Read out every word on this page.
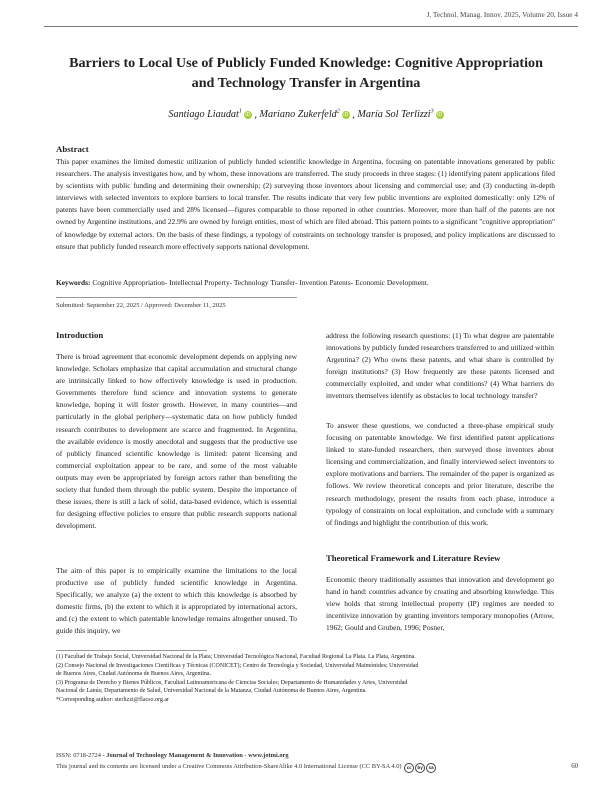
J. Technol. Manag. Innov. 2025, Volume 20, Issue 4
Barriers to Local Use of Publicly Funded Knowledge: Cognitive Appropriation
and Technology Transfer in Argentina
Santiago Liaudat$^1$iD , Mariano Zukerfeld$^2$iD , María Sol Terlizzi$^3$iD
Abstract
This paper examines the limited domestic utilization of publicly funded scientific knowledge in Argentina, focusing on patentable innovations generated by public researchers. The analysis investigates how, and by whom, these innovations are transferred. The study proceeds in three stages: (1) identifying patent applications filed by scientists with public funding and determining their ownership; (2) surveying those inventors about licensing and commercial use; and (3) conducting in-depth interviews with selected inventors to explore barriers to local transfer. The results indicate that very few public inventions are exploited domestically: only 12% of patents have been commercially used and 28% licensed—figures comparable to those reported in other countries. Moreover, more than half of the patents are not owned by Argentine institutions, and 22.9% are owned by foreign entities, most of which are filed abroad. This pattern points to a significant "cognitive appropriation" of knowledge by external actors. On the basis of these findings, a typology of constraints on technology transfer is proposed, and policy implications are discussed to ensure that publicly funded research more effectively supports national development.
Keywords: Cognitive Appropriation- Intellectual Property- Technology Transfer- Invention Patents- Economic Development.
Submitted: September 22, 2025 / Approved: December 11, 2025
Introduction
There is broad agreement that economic development depends on applying new knowledge. Scholars emphasize that capital accumulation and structural change are intrinsically linked to how effectively knowledge is used in production. Governments therefore fund science and innovation systems to generate knowledge, hoping it will foster growth. However, in many countries—and particularly in the global periphery—systematic data on how publicly funded research contributes to development are scarce and fragmented. In Argentina, the available evidence is mostly anecdotal and suggests that the productive use of publicly financed scientific knowledge is limited: patent licensing and commercial exploitation appear to be rare, and some of the most valuable outputs may even be appropriated by foreign actors rather than benefiting the society that funded them through the public system. Despite the importance of these issues, there is still a lack of solid, data-based evidence, which is essential for designing effective policies to ensure that public research supports national development.
The aim of this paper is to empirically examine the limitations to the local productive use of publicly funded scientific knowledge in Argentina. Specifically, we analyze (a) the extent to which this knowledge is absorbed by domestic firms, (b) the extent to which it is appropriated by international actors, and (c) the extent to which patentable knowledge remains altogether unused. To guide this inquiry, we
address the following research questions: (1) To what degree are patentable innovations by publicly funded researchers transferred to and utilized within Argentina? (2) Who owns these patents, and what share is controlled by foreign institutions? (3) How frequently are these patents licensed and commercially exploited, and under what conditions? (4) What barriers do inventors themselves identify as obstacles to local technology transfer?
To answer these questions, we conducted a three-phase empirical study focusing on patentable knowledge. We first identified patent applications linked to state-funded researchers, then surveyed those inventors about licensing and commercialization, and finally interviewed select inventors to explore motivations and barriers. The remainder of the paper is organized as follows. We review theoretical concepts and prior literature, describe the research methodology, present the results from each phase, introduce a typology of constraints on local exploitation, and conclude with a summary of findings and highlight the contribution of this work.
Theoretical Framework and Literature Review
Economic theory traditionally assumes that innovation and development go hand in hand: countries advance by creating and absorbing knowledge. This view holds that strong intellectual property (IP) regimes are needed to incentivize innovation by granting inventors temporary monopolies (Arrow, 1962; Gould and Gruben, 1996; Posner,
(1) Facultad de Trabajo Social, Universidad Nacional de la Plata; Universidad Tecnológica Nacional, Facultad Regional La Plata. La Plata, Argentina.
(2) Consejo Nacional de Investigaciones Científicas y Técnicas (CONICET); Centro de Tecnología y Sociedad, Universidad Maimónides; Universidad
de Buenos Aires, Ciudad Autónoma de Buenos Aires, Argentina.
(3) Programa de Derecho y Bienes Públicos, Facultad Latinoamericana de Ciencias Sociales; Departamento de Humanidades y Artes, Universidad
Nacional de Lanús; Departamento de Salud, Universidad Nacional de la Matanza, Ciudad Autónoma de Buenos Aires, Argentina.
*Corresponding author: sterlizzi@flacso.org.ar
ISSN: 0718-2724 - Journal of Technology Management & Innovation - www.jotmi.org
This journal and its contents are licensed under a Creative Commons Attribution-ShareAlike 4.0 International License (CC BY-SA 4.0) cc by sa	60
